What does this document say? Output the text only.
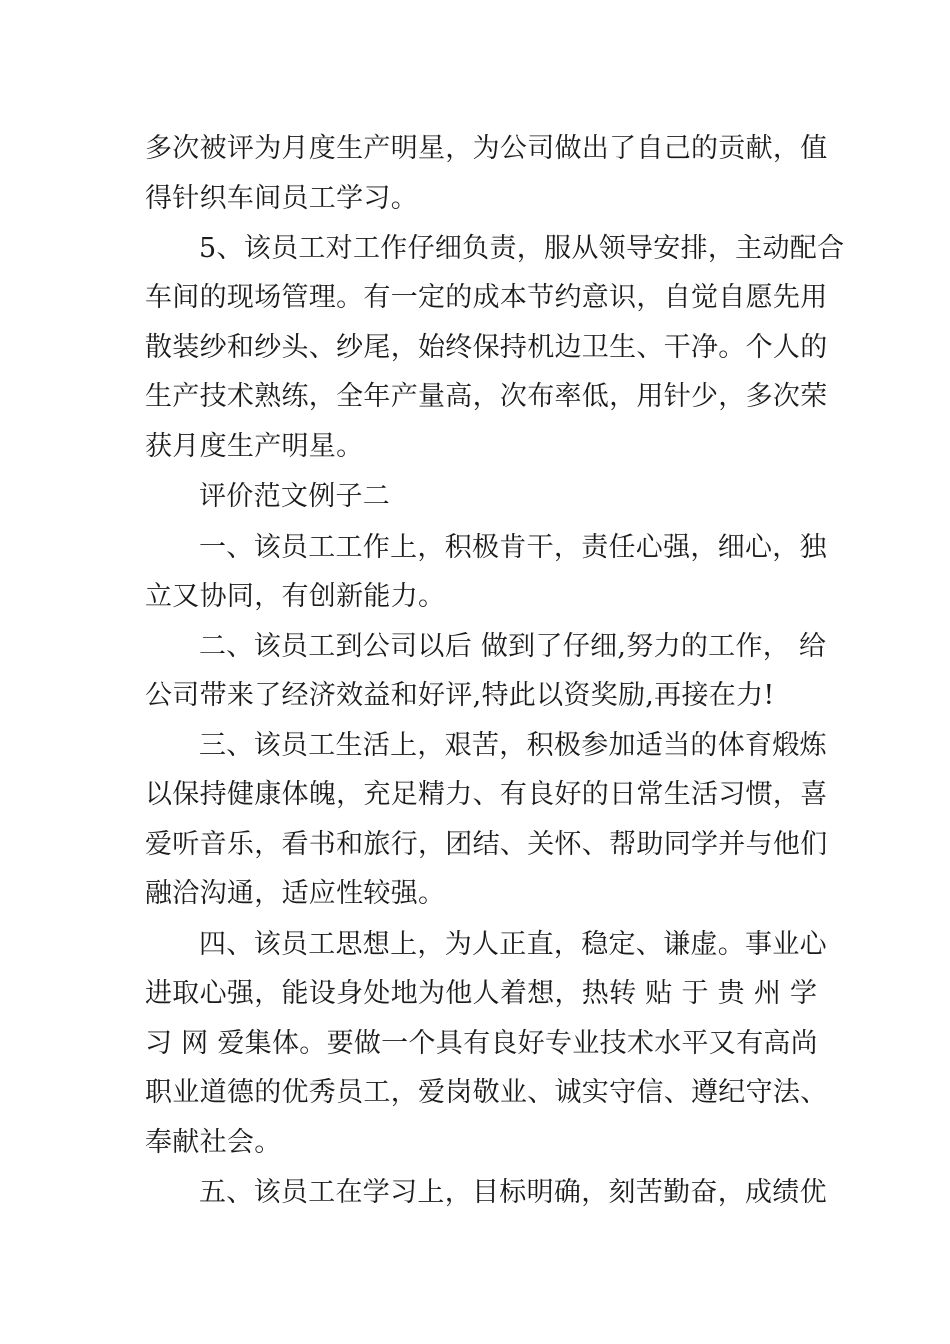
多次被评为月度生产明星，为公司做出了自己的贡献，值
得针织车间员工学习。
5、该员工对工作仔细负责，服从领导安排，主动配合
车间的现场管理。有一定的成本节约意识，自觉自愿先用
散装纱和纱头、纱尾，始终保持机边卫生、干净。个人的
生产技术熟练，全年产量高，次布率低，用针少，多次荣
获月度生产明星。
评价范文例子二
一、该员工工作上，积极肯干，责任心强，细心，独
立又协同，有创新能力。
二、该员工到公司以后 做到了仔细,努力的工作， 给
公司带来了经济效益和好评,特此以资奖励,再接在力!
三、该员工生活上，艰苦，积极参加适当的体育煅炼
以保持健康体魄，充足精力、有良好的日常生活习惯，喜
爱听音乐，看书和旅行，团结、关怀、帮助同学并与他们
融洽沟通，适应性较强。
四、该员工思想上，为人正直，稳定、谦虚。事业心
进取心强，能设身处地为他人着想，热转 贴 于 贵 州 学
习 网 爱集体。要做一个具有良好专业技术水平又有高尚
职业道德的优秀员工，爱岗敬业、诚实守信、遵纪守法、
奉献社会。
五、该员工在学习上，目标明确，刻苦勤奋，成绩优
